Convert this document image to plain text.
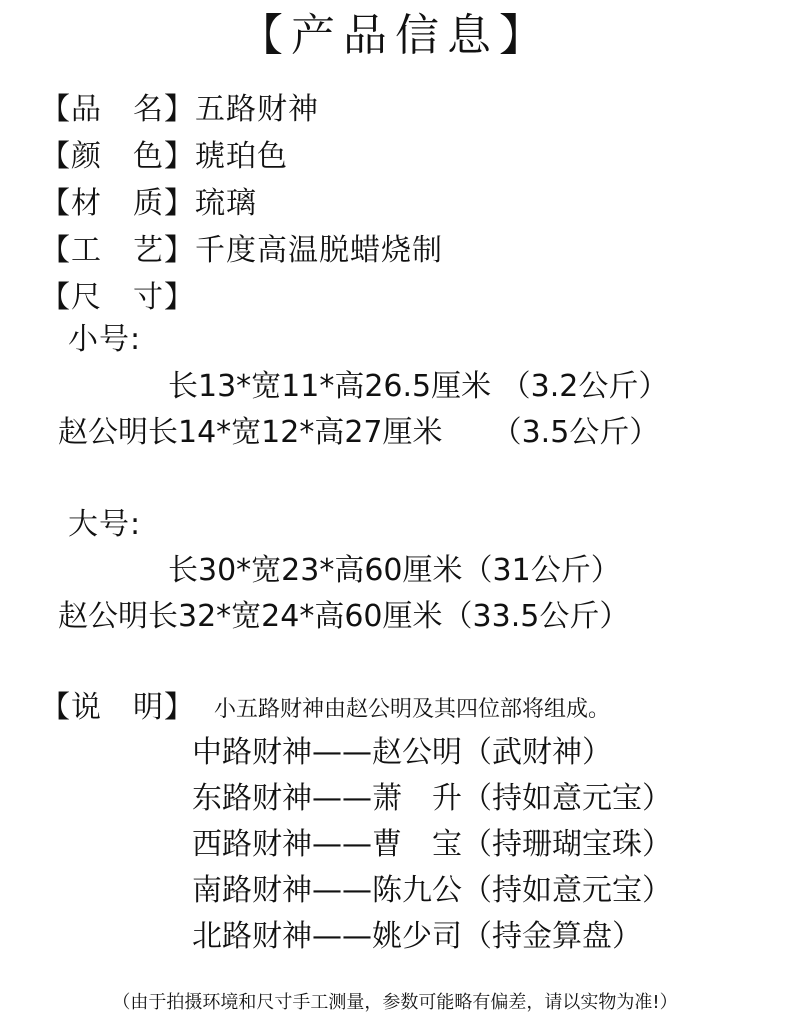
【产品信息】
【品　名】五路财神
【颜　色】琥珀色
【材　质】琉璃
【工　艺】千度高温脱蜡烧制
【尺　寸】
小号:
长13*宽11*高26.5厘米 （3.2公斤）
赵公明长14*宽12*高27厘米 　 （3.5公斤）
大号:
长30*宽23*高60厘米（31公斤）
赵公明长32*宽24*高60厘米（33.5公斤）
【说　明】 小五路财神由赵公明及其四位部将组成。
中路财神——赵公明（武财神）
东路财神——萧　升（持如意元宝）
西路财神——曹　宝（持珊瑚宝珠）
南路财神——陈九公（持如意元宝）
北路财神——姚少司（持金算盘）
（由于拍摄环境和尺寸手工测量，参数可能略有偏差，请以实物为准!）
